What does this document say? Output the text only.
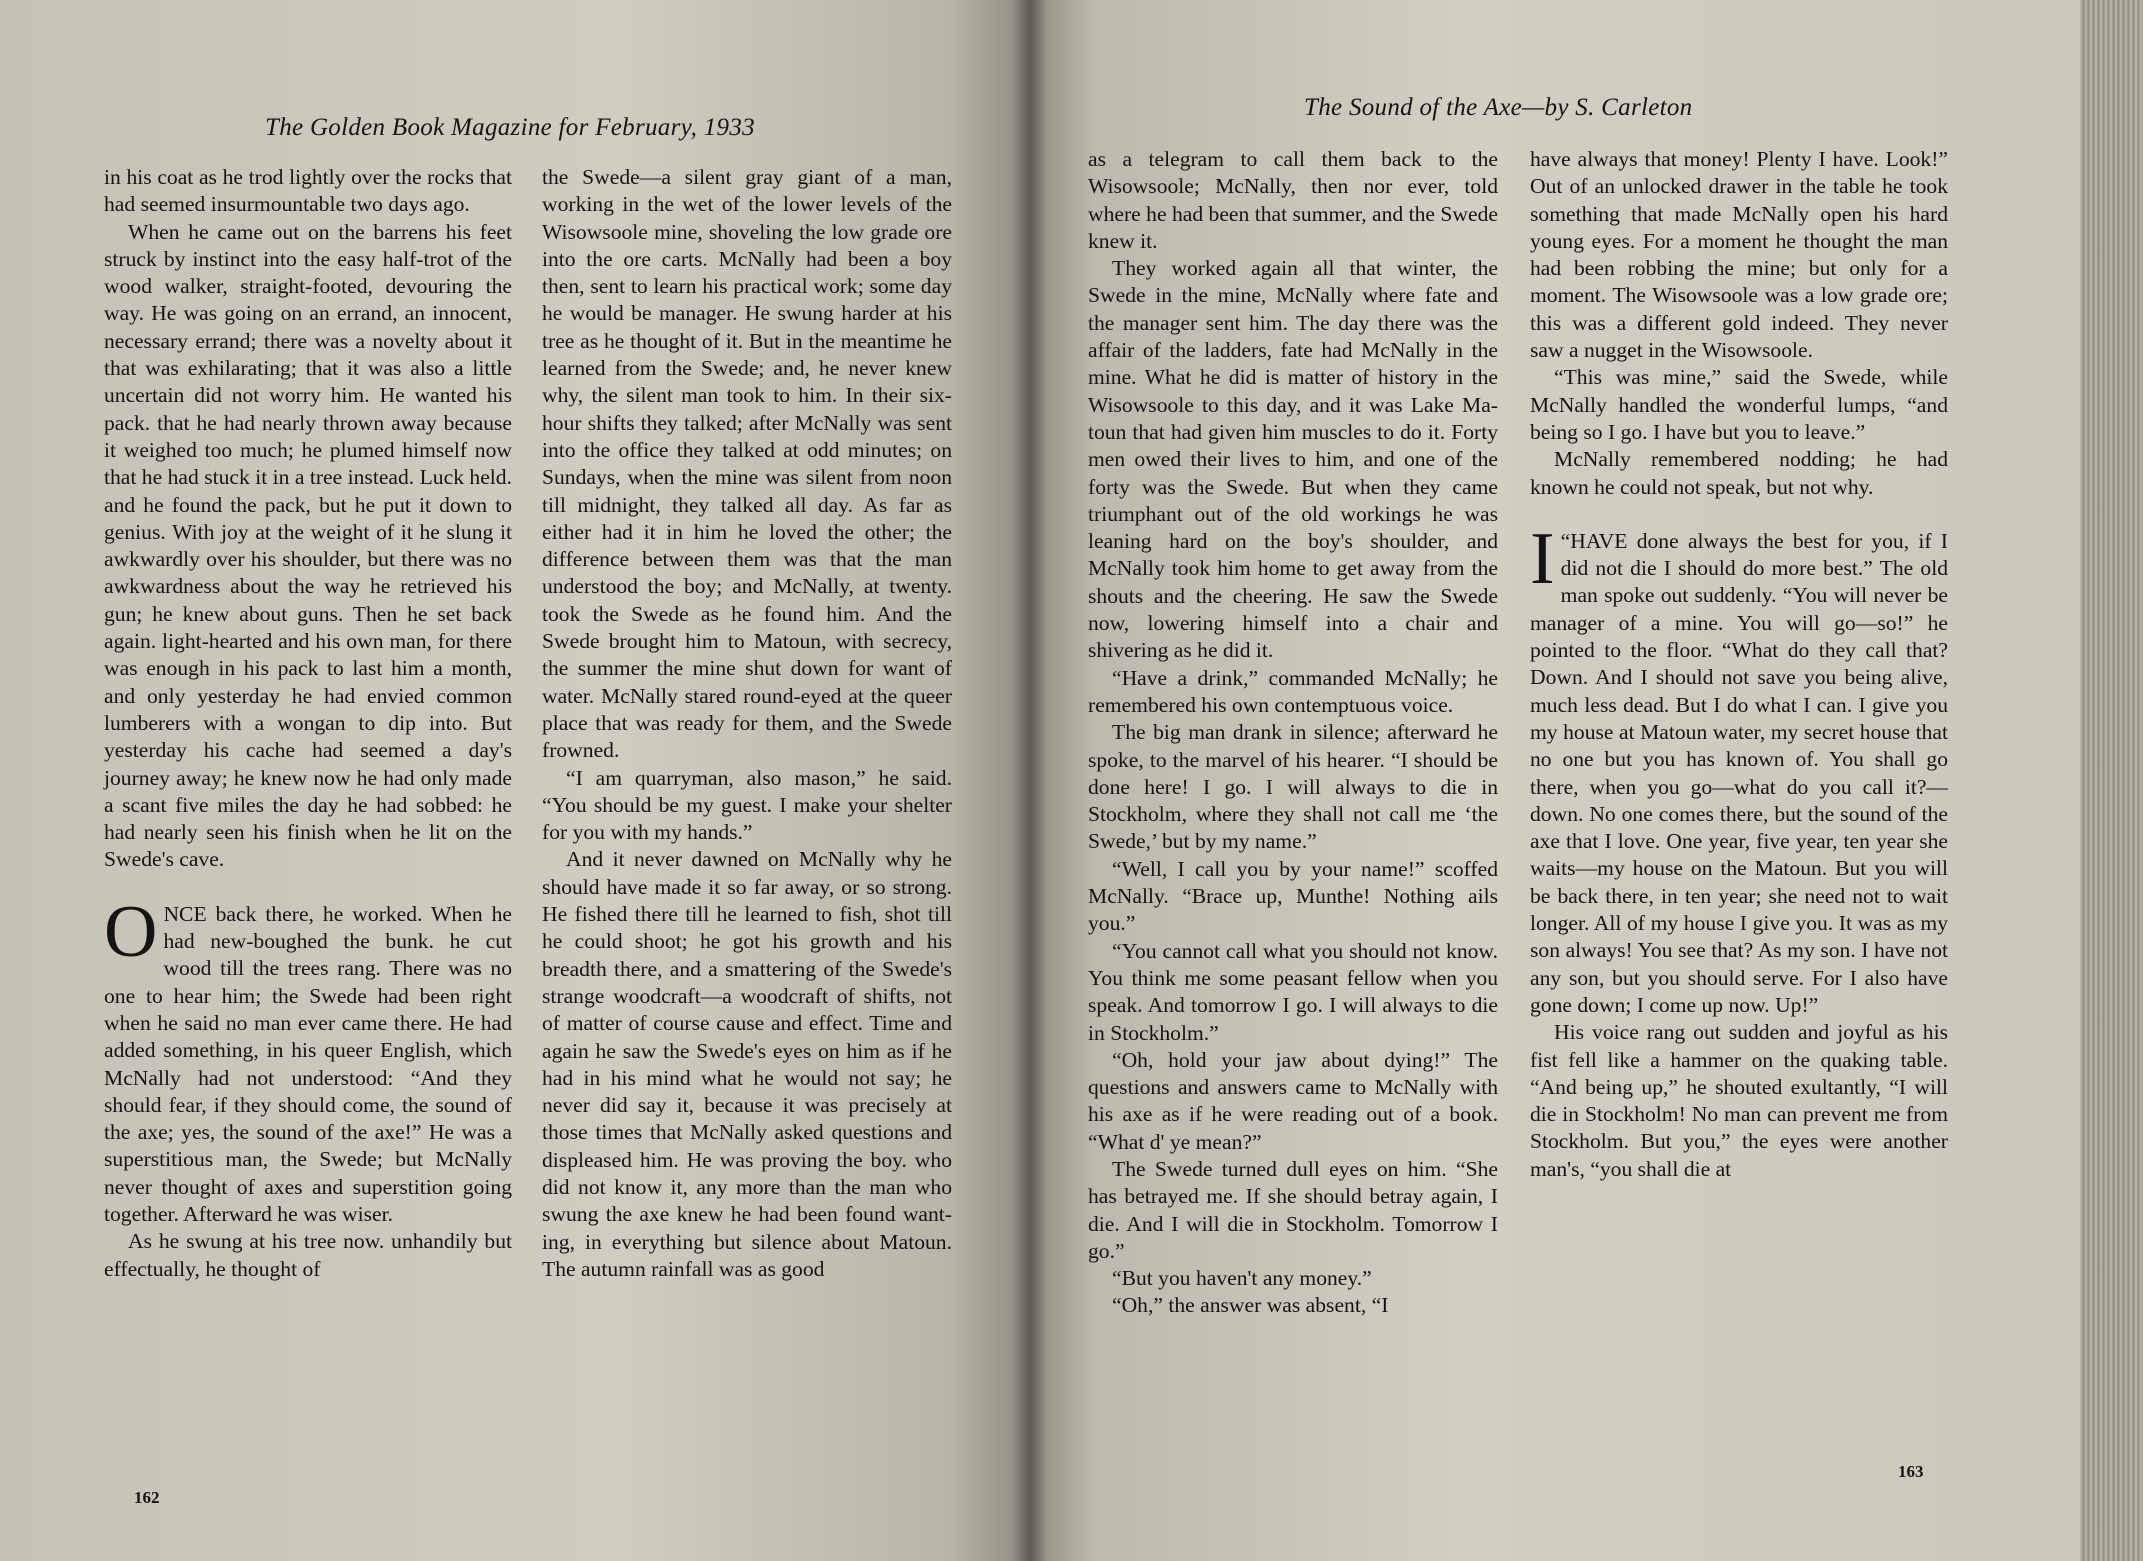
The Golden Book Magazine for February, 1933

in his coat as he trod lightly over the rocks that had seemed insurmountable two days ago.

When he came out on the barrens his feet struck by instinct into the easy half-trot of the wood walker, straight-footed, devouring the way. He was going on an errand, an innocent, necessary errand; there was a novelty about it that was exhilarating; that it was also a little uncertain did not worry him. He wanted his pack. that he had nearly thrown away because it weighed too much; he plumed himself now that he had stuck it in a tree instead. Luck held. and he found the pack, but he put it down to genius. With joy at the weight of it he slung it awkwardly over his shoulder, but there was no awkwardness about the way he retrieved his gun; he knew about guns. Then he set back again. light-hearted and his own man, for there was enough in his pack to last him a month, and only yesterday he had envied common lumberers with a wongan to dip into. But yesterday his cache had seemed a day's journey away; he knew now he had only made a scant five miles the day he had sobbed: he had nearly seen his finish when he lit on the Swede's cave.

ONCE back there, he worked. When he had new-boughed the bunk. he cut wood till the trees rang. There was no one to hear him; the Swede had been right when he said no man ever came there. He had added something, in his queer English, which McNally had not understood: “And they should fear, if they should come, the sound of the axe; yes, the sound of the axe!” He was a superstitious man, the Swede; but McNally never thought of axes and superstition going together. Afterward he was wiser.

As he swung at his tree now. unhandily but effectually, he thought of

the Swede—a silent gray giant of a man, working in the wet of the lower levels of the Wisowsoole mine, shoveling the low grade ore into the ore carts. McNally had been a boy then, sent to learn his practical work; some day he would be manager. He swung harder at his tree as he thought of it. But in the meantime he learned from the Swede; and, he never knew why, the silent man took to him. In their six-hour shifts they talked; after McNally was sent into the office they talked at odd minutes; on Sundays, when the mine was silent from noon till midnight, they talked all day. As far as either had it in him he loved the other; the difference between them was that the man understood the boy; and McNally, at twenty. took the Swede as he found him. And the Swede brought him to Matoun, with secrecy, the summer the mine shut down for want of water. McNally stared round-eyed at the queer place that was ready for them, and the Swede frowned.

“I am quarryman, also mason,” he said. “You should be my guest. I make your shelter for you with my hands.”

And it never dawned on McNally why he should have made it so far away, or so strong. He fished there till he learned to fish, shot till he could shoot; he got his growth and his breadth there, and a smattering of the Swede's strange woodcraft—a woodcraft of shifts, not of matter of course cause and effect. Time and again he saw the Swede's eyes on him as if he had in his mind what he would not say; he never did say it, because it was precisely at those times that McNally asked questions and displeased him. He was proving the boy. who did not know it, any more than the man who swung the axe knew he had been found wanting, in everything but silence about Matoun. The autumn rainfall was as good

162
The Sound of the Axe—by S. Carleton

as a telegram to call them back to the Wisowsoole; McNally, then nor ever, told where he had been that summer, and the Swede knew it.

They worked again all that winter, the Swede in the mine, McNally where fate and the manager sent him. The day there was the affair of the ladders, fate had McNally in the mine. What he did is matter of history in the Wisowsoole to this day, and it was Lake Matoun that had given him muscles to do it. Forty men owed their lives to him, and one of the forty was the Swede. But when they came triumphant out of the old workings he was leaning hard on the boy's shoulder, and McNally took him home to get away from the shouts and the cheering. He saw the Swede now, lowering himself into a chair and shivering as he did it.

“Have a drink,” commanded McNally; he remembered his own contemptuous voice.

The big man drank in silence; afterward he spoke, to the marvel of his hearer. “I should be done here! I go. I will always to die in Stockholm, where they shall not call me ‘the Swede,’ but by my name.”

“Well, I call you by your name!” scoffed McNally. “Brace up, Munthe! Nothing ails you.”

“You cannot call what you should not know. You think me some peasant fellow when you speak. And tomorrow I go. I will always to die in Stockholm.”

“Oh, hold your jaw about dying!” The questions and answers came to McNally with his axe as if he were reading out of a book. “What d' ye mean?”

The Swede turned dull eyes on him. “She has betrayed me. If she should betray again, I die. And I will die in Stockholm. Tomorrow I go.”

“But you haven't any money.”

“Oh,” the answer was absent, “I

have always that money! Plenty I have. Look!” Out of an unlocked drawer in the table he took something that made McNally open his hard young eyes. For a moment he thought the man had been robbing the mine; but only for a moment. The Wisowsoole was a low grade ore; this was a different gold indeed. They never saw a nugget in the Wisowsoole.

“This was mine,” said the Swede, while McNally handled the wonderful lumps, “and being so I go. I have but you to leave.”

McNally remembered nodding; he had known he could not speak, but not why.

“
I HAVE done always the best for you, if I did not die I should do more best.” The old man spoke out suddenly. “You will never be manager of a mine. You will go—so!” he pointed to the floor. “What do they call that? Down. And I should not save you being alive, much less dead. But I do what I can. I give you my house at Matoun water, my secret house that no one but you has known of. You shall go there, when you go—what do you call it?—down. No one comes there, but the sound of the axe that I love. One year, five year, ten year she waits—my house on the Matoun. But you will be back there, in ten year; she need not to wait longer. All of my house I give you. It was as my son always! You see that? As my son. I have not any son, but you should serve. For I also have gone down; I come up now. Up!”

His voice rang out sudden and joyful as his fist fell like a hammer on the quaking table. “And being up,” he shouted exultantly, “I will die in Stockholm! No man can prevent me from Stockholm. But you,” the eyes were another man's, “you shall die at

163
